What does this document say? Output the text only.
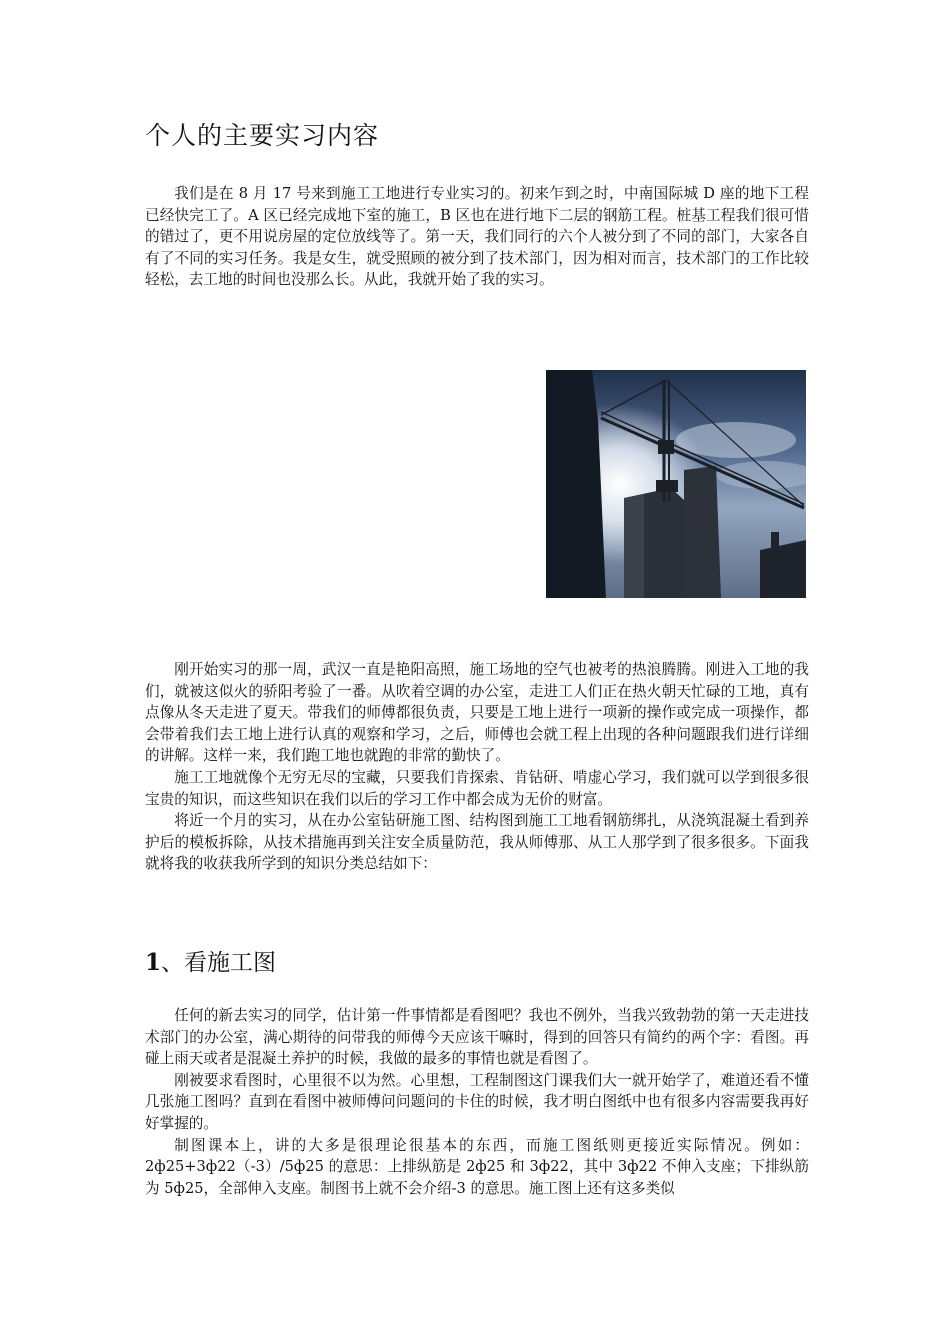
个人的主要实习内容

我们是在 8 月 17 号来到施工工地进行专业实习的。初来乍到之时，中南国际城 D 座的地下工程已经快完工了。A 区已经完成地下室的施工，B 区也在进行地下二层的钢筋工程。桩基工程我们很可惜的错过了，更不用说房屋的定位放线等了。第一天，我们同行的六个人被分到了不同的部门，大家各自有了不同的实习任务。我是女生，就受照顾的被分到了技术部门，因为相对而言，技术部门的工作比较轻松，去工地的时间也没那么长。从此，我就开始了我的实习。

刚开始实习的那一周，武汉一直是艳阳高照，施工场地的空气也被考的热浪腾腾。刚进入工地的我们，就被这似火的骄阳考验了一番。从吹着空调的办公室，走进工人们正在热火朝天忙碌的工地，真有点像从冬天走进了夏天。带我们的师傅都很负责，只要是工地上进行一项新的操作或完成一项操作，都会带着我们去工地上进行认真的观察和学习，之后，师傅也会就工程上出现的各种问题跟我们进行详细的讲解。这样一来，我们跑工地也就跑的非常的勤快了。

施工工地就像个无穷无尽的宝藏，只要我们肯探索、肯钻研、啃虚心学习，我们就可以学到很多很宝贵的知识，而这些知识在我们以后的学习工作中都会成为无价的财富。

将近一个月的实习，从在办公室钻研施工图、结构图到施工工地看钢筋绑扎，从浇筑混凝土看到养护后的模板拆除，从技术措施再到关注安全质量防范，我从师傅那、从工人那学到了很多很多。下面我就将我的收获我所学到的知识分类总结如下：

1、看施工图

任何的新去实习的同学，估计第一件事情都是看图吧？我也不例外，当我兴致勃勃的第一天走进技术部门的办公室，满心期待的问带我的师傅今天应该干嘛时，得到的回答只有简约的两个字：看图。再碰上雨天或者是混凝土养护的时候，我做的最多的事情也就是看图了。

刚被要求看图时，心里很不以为然。心里想，工程制图这门课我们大一就开始学了，难道还看不懂几张施工图吗？直到在看图中被师傅问问题问的卡住的时候，我才明白图纸中也有很多内容需要我再好好掌握的。

制图课本上，讲的大多是很理论很基本的东西，而施工图纸则更接近实际情况。例如：2ф25+3ф22（-3）/5ф25 的意思：上排纵筋是 2ф25 和 3ф22，其中 3ф22 不伸入支座；下排纵筋为 5ф25，全部伸入支座。制图书上就不会介绍-3 的意思。施工图上还有这多类似
